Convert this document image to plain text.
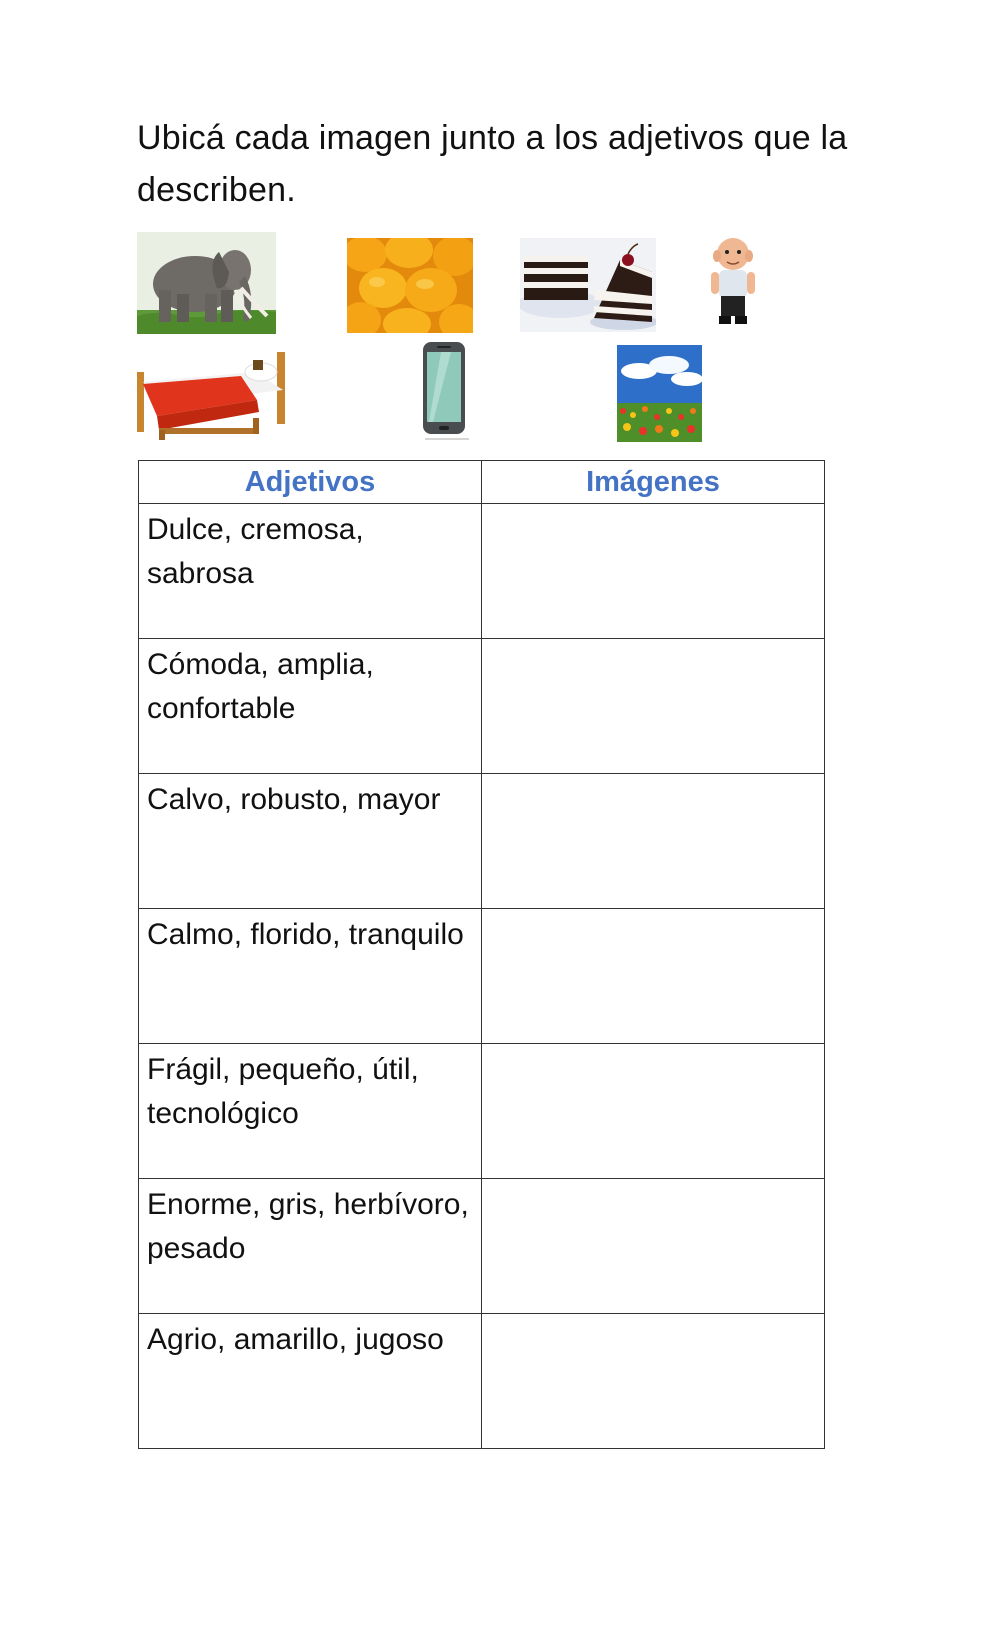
Ubicá cada imagen junto a los adjetivos que la describen.
Adjetivos	Imágenes
Dulce, cremosa, sabrosa	
Cómoda, amplia, confortable	
Calvo, robusto, mayor	
Calmo, florido, tranquilo	
Frágil, pequeño, útil, tecnológico	
Enorme, gris, herbívoro, pesado	
Agrio, amarillo, jugoso	
